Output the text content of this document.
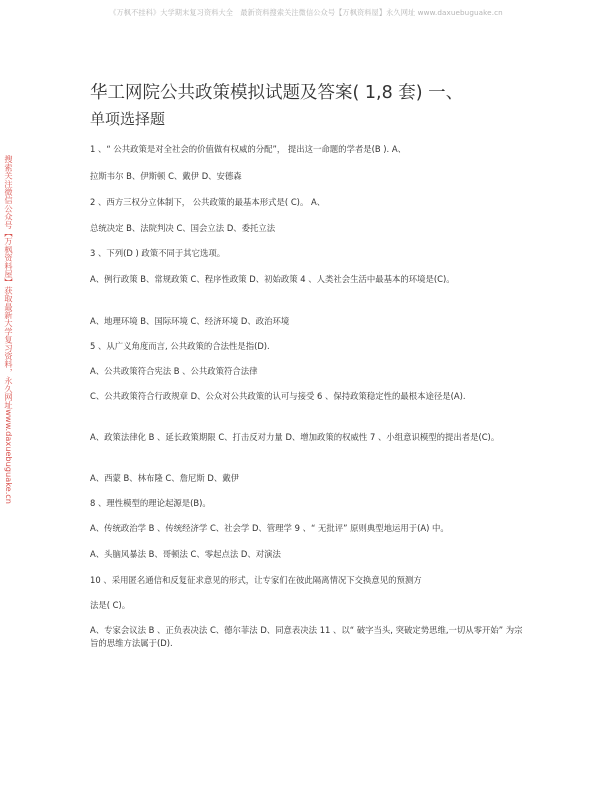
《万枫不挂科》大学期末复习资料大全　最新资料搜索关注微信公众号【万枫资料屋】永久网址 www.daxuebuguake.cn
搜索关注微信公众号【万枫资料屋】获取最新大学复习资料，永久网址www.daxuebuguake.cn
华工网院公共政策模拟试题及答案( 1,8 套) 一、
单项选择题

1 、“ 公共政策是对全社会的价值做有权威的分配”， 提出这一命题的学者是(B ). A、

拉斯韦尔 B、伊斯顿 C、戴伊 D、安德森

2 、西方三权分立体制下， 公共政策的最基本形式是( C)。 A、

总统决定 B、法院判决 C、国会立法 D、委托立法

3 、下列(D ) 政策不同于其它选项。

A、例行政策 B、常规政策 C、程序性政策 D、初始政策 4 、人类社会生活中最基本的环境是(C)。

A、地理环境 B、国际环境 C、经济环境 D、政治环境

5 、从广义角度而言, 公共政策的合法性是指(D).

A、公共政策符合宪法 B 、公共政策符合法律

C、公共政策符合行政规章 D、公众对公共政策的认可与接受 6 、保持政策稳定性的最根本途径是(A).

A、政策法律化 B 、延长政策期限 C、打击反对力量 D、增加政策的权威性 7 、小组意识模型的提出者是(C)。

A、西蒙 B、林布隆 C、詹尼斯 D、戴伊

8 、理性模型的理论起源是(B)。

A、传统政治学 B 、传统经济学 C、社会学 D、管理学 9 、“ 无批评” 原则典型地运用于(A) 中。

A、头脑风暴法 B、哥顿法 C、零起点法 D、对演法

10 、采用匿名通信和反复征求意见的形式，让专家们在彼此隔离情况下交换意见的预测方

法是( C)。

A、专家会议法 B 、正负表决法 C、德尔菲法 D、同意表决法 11 、以“ 破字当头, 突破定势思维,一切从零开始” 为宗旨的思维方法属于(D).
